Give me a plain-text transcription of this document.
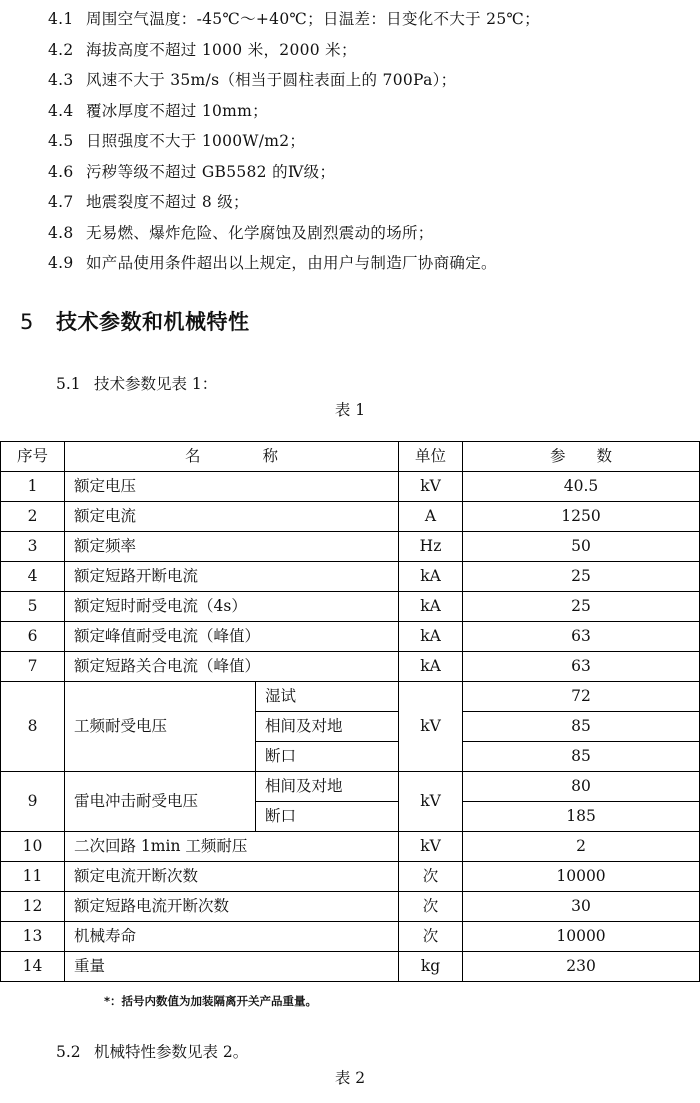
4.1 周围空气温度：-45℃～+40℃；日温差：日变化不大于 25℃；
4.2 海拔高度不超过 1000 米，2000 米；
4.3 风速不大于 35m/s（相当于圆柱表面上的 700Pa）；
4.4 覆冰厚度不超过 10mm；
4.5 日照强度不大于 1000W/m2；
4.6 污秽等级不超过 GB5582 的Ⅳ级；
4.7 地震裂度不超过 8 级；
4.8 无易燃、爆炸危险、化学腐蚀及剧烈震动的场所；
4.9 如产品使用条件超出以上规定，由用户与制造厂协商确定。
5 技术参数和机械特性

5.1 技术参数见表 1：

表 1

序号	名　　　　称		单位	参　　数
1	额定电压		kV	40.5
2	额定电流		A	1250
3	额定频率		Hz	50
4	额定短路开断电流		kA	25
5	额定短时耐受电流（4s）		kA	25
6	额定峰值耐受电流（峰值）		kA	63
7	额定短路关合电流（峰值）		kA	63
8	工频耐受电压	湿试	kV	72
		相间及对地		85
		断口		85
9	雷电冲击耐受电压	相间及对地	kV	80
		断口		185
10	二次回路 1min 工频耐压		kV	2
11	额定电流开断次数		次	10000
12	额定短路电流开断次数		次	30
13	机械寿命		次	10000
14	重量		kg	230

*：括号内数值为加装隔离开关产品重量。

5.2 机械特性参数见表 2。

表 2
